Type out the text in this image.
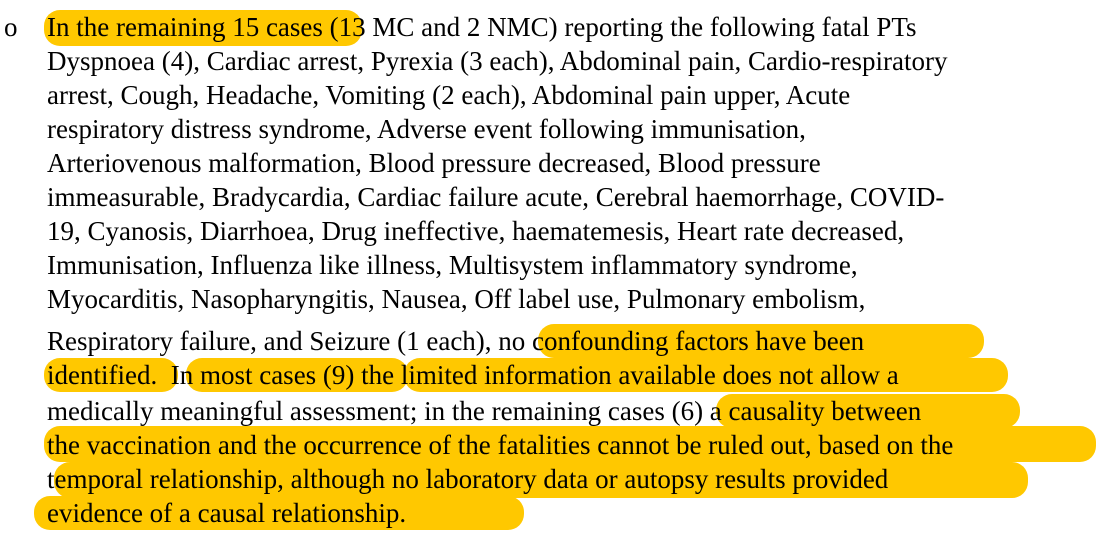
o In the remaining 15 cases (13 MC and 2 NMC) reporting the following fatal PTs
Dyspnoea (4), Cardiac arrest, Pyrexia (3 each), Abdominal pain, Cardio-respiratory
arrest, Cough, Headache, Vomiting (2 each), Abdominal pain upper, Acute
respiratory distress syndrome, Adverse event following immunisation,
Arteriovenous malformation, Blood pressure decreased, Blood pressure
immeasurable, Bradycardia, Cardiac failure acute, Cerebral haemorrhage, COVID-
19, Cyanosis, Diarrhoea, Drug ineffective, haematemesis, Heart rate decreased,
Immunisation, Influenza like illness, Multisystem inflammatory syndrome,
Myocarditis, Nasopharyngitis, Nausea, Off label use, Pulmonary embolism,
Respiratory failure, and Seizure (1 each), no confounding factors have been
identified.  In most cases (9) the limited information available does not allow a
medically meaningful assessment; in the remaining cases (6) a causality between
the vaccination and the occurrence of the fatalities cannot be ruled out, based on the
temporal relationship, although no laboratory data or autopsy results provided
evidence of a causal relationship.
